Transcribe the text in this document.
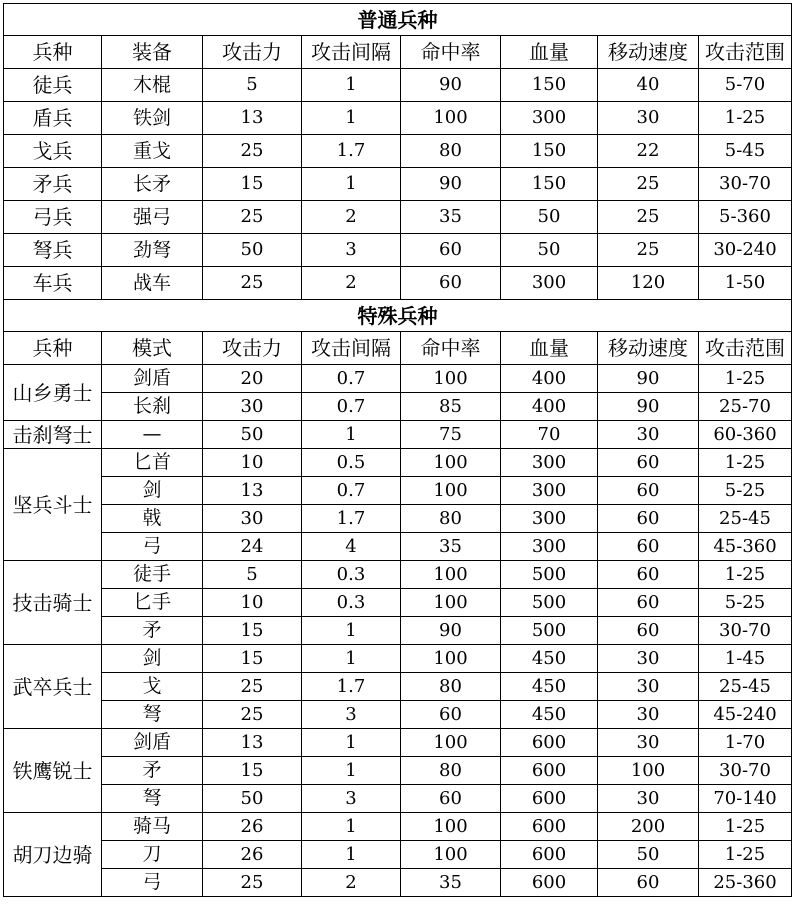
普通兵种							
兵种	装备	攻击力	攻击间隔	命中率	血量	移动速度	攻击范围
徒兵	木棍	5	1	90	150	40	5-70
盾兵	铁剑	13	1	100	300	30	1-25
戈兵	重戈	25	1.7	80	150	22	5-45
矛兵	长矛	15	1	90	150	25	30-70
弓兵	强弓	25	2	35	50	25	5-360
弩兵	劲弩	50	3	60	50	25	30-240
车兵	战车	25	2	60	300	120	1-50
特殊兵种							
兵种	模式	攻击力	攻击间隔	命中率	血量	移动速度	攻击范围
山乡勇士	剑盾	20	0.7	100	400	90	1-25
	长刹	30	0.7	85	400	90	25-70
击刹弩士	—	50	1	75	70	30	60-360
坚兵斗士	匕首	10	0.5	100	300	60	1-25
	剑	13	0.7	100	300	60	5-25
	戟	30	1.7	80	300	60	25-45
	弓	24	4	35	300	60	45-360
技击骑士	徒手	5	0.3	100	500	60	1-25
	匕手	10	0.3	100	500	60	5-25
	矛	15	1	90	500	60	30-70
武卒兵士	剑	15	1	100	450	30	1-45
	戈	25	1.7	80	450	30	25-45
	弩	25	3	60	450	30	45-240
铁鹰锐士	剑盾	13	1	100	600	30	1-70
	矛	15	1	80	600	100	30-70
	弩	50	3	60	600	30	70-140
胡刀边骑	骑马	26	1	100	600	200	1-25
	刀	26	1	100	600	50	1-25
	弓	25	2	35	600	60	25-360
